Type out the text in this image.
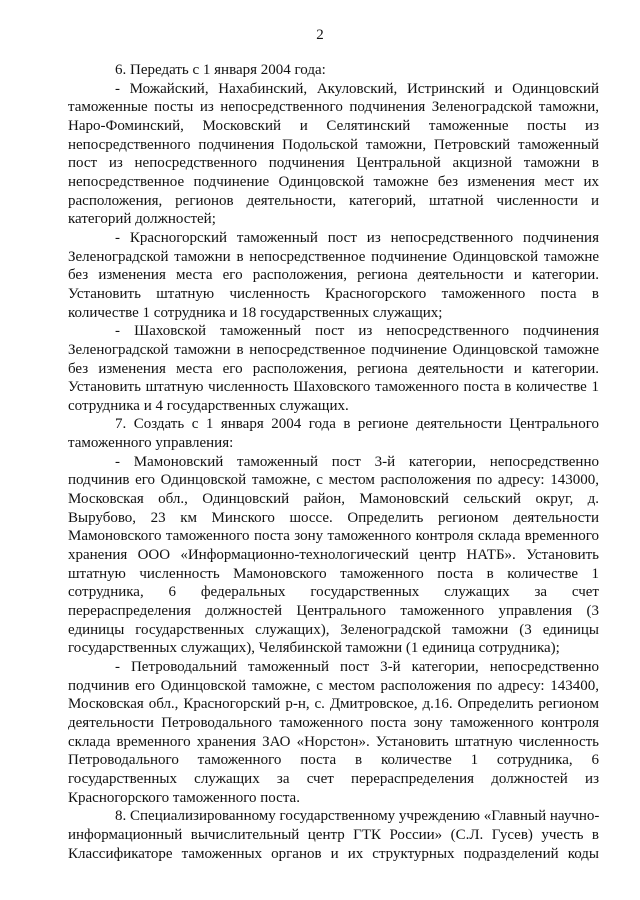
2
6. Передать с 1 января 2004 года:
- Можайский, Нахабинский, Акуловский, Истринский и Одинцовский
таможенные посты из непосредственного подчинения Зеленоградской таможни,
Наро-Фоминский, Московский и Селятинский таможенные посты из
непосредственного подчинения Подольской таможни, Петровский таможенный
пост из непосредственного подчинения Центральной акцизной таможни в
непосредственное подчинение Одинцовской таможне без изменения мест их
расположения, регионов деятельности, категорий, штатной численности и
категорий должностей;
- Красногорский таможенный пост из непосредственного подчинения
Зеленоградской таможни в непосредственное подчинение Одинцовской таможне
без изменения места его расположения, региона деятельности и категории.
Установить штатную численность Красногорского таможенного поста в
количестве 1 сотрудника и 18 государственных служащих;
- Шаховской таможенный пост из непосредственного подчинения
Зеленоградской таможни в непосредственное подчинение Одинцовской таможне
без изменения места его расположения, региона деятельности и категории.
Установить штатную численность Шаховского таможенного поста в количестве 1
сотрудника и 4 государственных служащих.
7. Создать с 1 января 2004 года в регионе деятельности Центрального
таможенного управления:
- Мамоновский таможенный пост 3-й категории, непосредственно
подчинив его Одинцовской таможне, с местом расположения по адресу: 143000,
Московская обл., Одинцовский район, Мамоновский сельский округ, д.
Вырубово, 23 км Минского шоссе. Определить регионом деятельности
Мамоновского таможенного поста зону таможенного контроля склада временного
хранения ООО «Информационно-технологический центр НАТБ». Установить
штатную численность Мамоновского таможенного поста в количестве 1
сотрудника, 6 федеральных государственных служащих за счет
перераспределения должностей Центрального таможенного управления (3
единицы государственных служащих), Зеленоградской таможни (3 единицы
государственных служащих), Челябинской таможни (1 единица сотрудника);
- Петроводальний таможенный пост 3-й категории, непосредственно
подчинив его Одинцовской таможне, с местом расположения по адресу: 143400,
Московская обл., Красногорский р-н, с. Дмитровское, д.16. Определить регионом
деятельности Петроводального таможенного поста зону таможенного контроля
склада временного хранения ЗАО «Норстон». Установить штатную численность
Петроводального таможенного поста в количестве 1 сотрудника, 6
государственных служащих за счет перераспределения должностей из
Красногорского таможенного поста.
8. Специализированному государственному учреждению «Главный научно-
информационный вычислительный центр ГТК России» (С.Л. Гусев) учесть в
Классификаторе таможенных органов и их структурных подразделений коды
